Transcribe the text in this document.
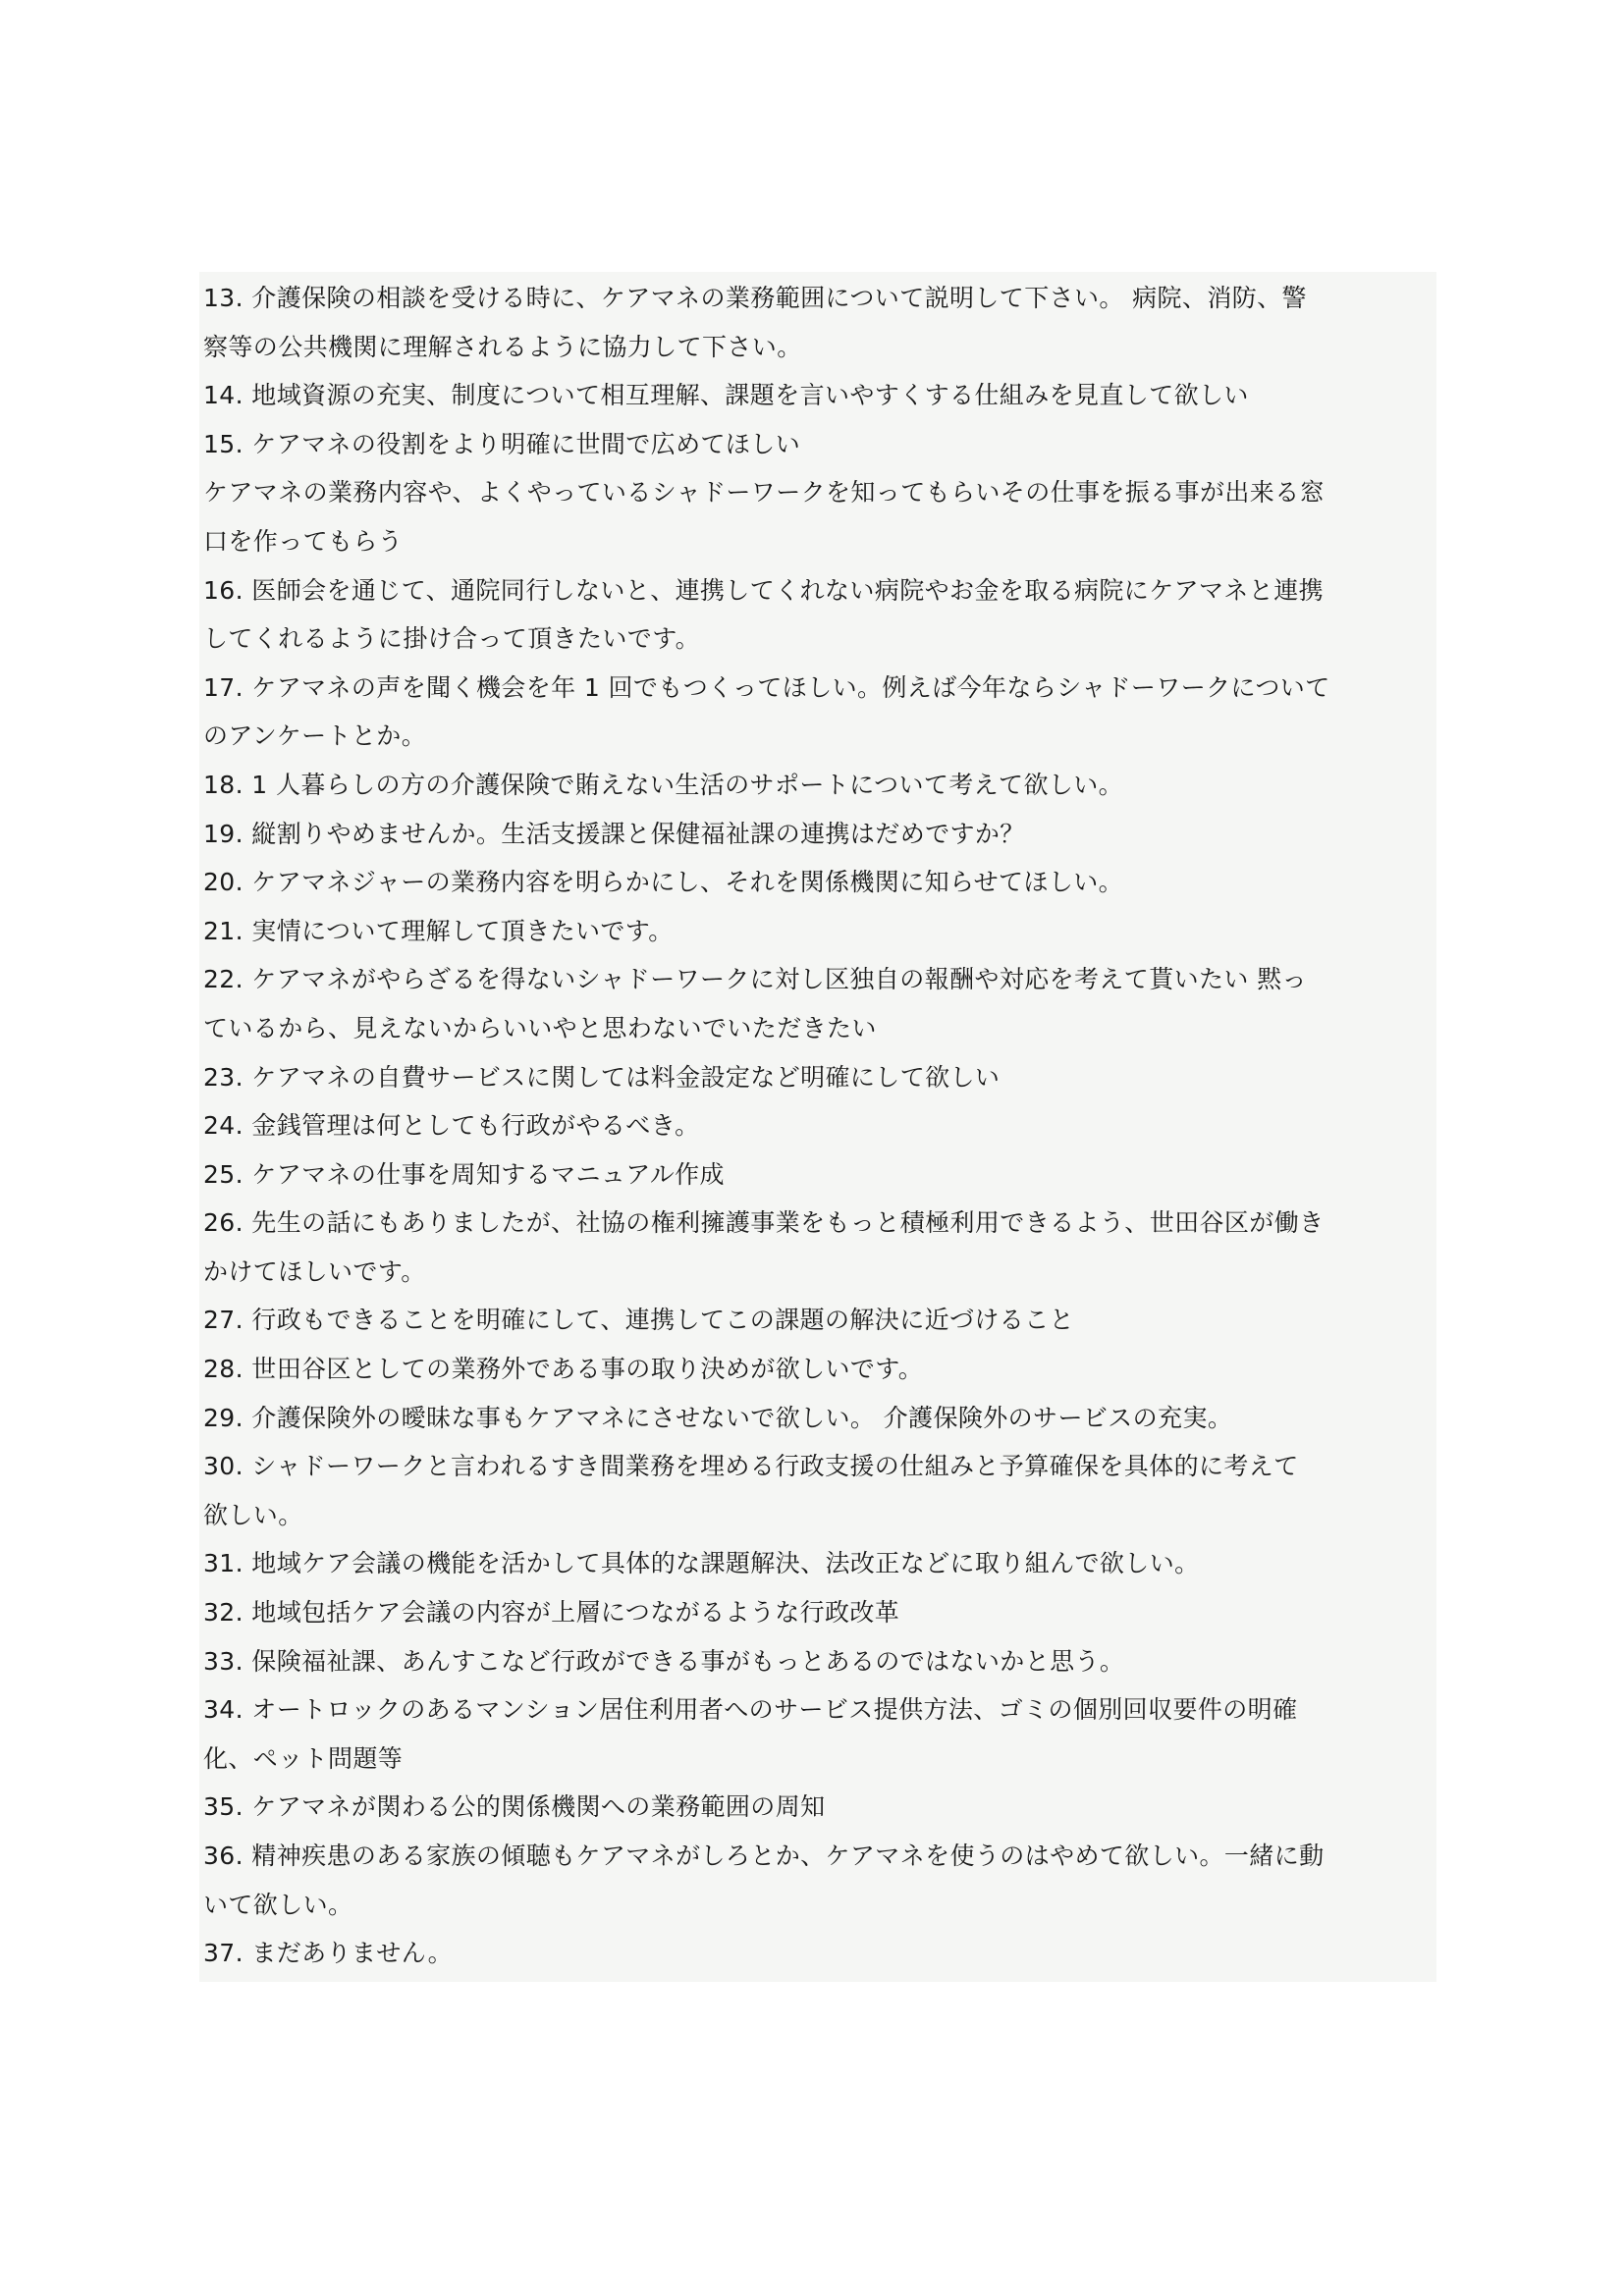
13. 介護保険の相談を受ける時に、ケアマネの業務範囲について説明して下さい。 病院、消防、警
察等の公共機関に理解されるように協力して下さい。
14. 地域資源の充実、制度について相互理解、課題を言いやすくする仕組みを見直して欲しい
15. ケアマネの役割をより明確に世間で広めてほしい
ケアマネの業務内容や、よくやっているシャドーワークを知ってもらいその仕事を振る事が出来る窓
口を作ってもらう
16. 医師会を通じて、通院同行しないと、連携してくれない病院やお金を取る病院にケアマネと連携
してくれるように掛け合って頂きたいです。
17. ケアマネの声を聞く機会を年 1 回でもつくってほしい。例えば今年ならシャドーワークについて
のアンケートとか。
18. 1 人暮らしの方の介護保険で賄えない生活のサポートについて考えて欲しい。
19. 縦割りやめませんか。生活支援課と保健福祉課の連携はだめですか？
20. ケアマネジャーの業務内容を明らかにし、それを関係機関に知らせてほしい。
21. 実情について理解して頂きたいです。
22. ケアマネがやらざるを得ないシャドーワークに対し区独自の報酬や対応を考えて貰いたい 黙っ
ているから、見えないからいいやと思わないでいただきたい
23. ケアマネの自費サービスに関しては料金設定など明確にして欲しい
24. 金銭管理は何としても行政がやるべき。
25. ケアマネの仕事を周知するマニュアル作成
26. 先生の話にもありましたが、社協の権利擁護事業をもっと積極利用できるよう、世田谷区が働き
かけてほしいです。
27. 行政もできることを明確にして、連携してこの課題の解決に近づけること
28. 世田谷区としての業務外である事の取り決めが欲しいです。
29. 介護保険外の曖昧な事もケアマネにさせないで欲しい。 介護保険外のサービスの充実。
30. シャドーワークと言われるすき間業務を埋める行政支援の仕組みと予算確保を具体的に考えて
欲しい。
31. 地域ケア会議の機能を活かして具体的な課題解決、法改正などに取り組んで欲しい。
32. 地域包括ケア会議の内容が上層につながるような行政改革
33. 保険福祉課、あんすこなど行政ができる事がもっとあるのではないかと思う。
34. オートロックのあるマンション居住利用者へのサービス提供方法、ゴミの個別回収要件の明確
化、ペット問題等
35. ケアマネが関わる公的関係機関への業務範囲の周知
36. 精神疾患のある家族の傾聴もケアマネがしろとか、ケアマネを使うのはやめて欲しい。一緒に動
いて欲しい。
37. まだありません。
